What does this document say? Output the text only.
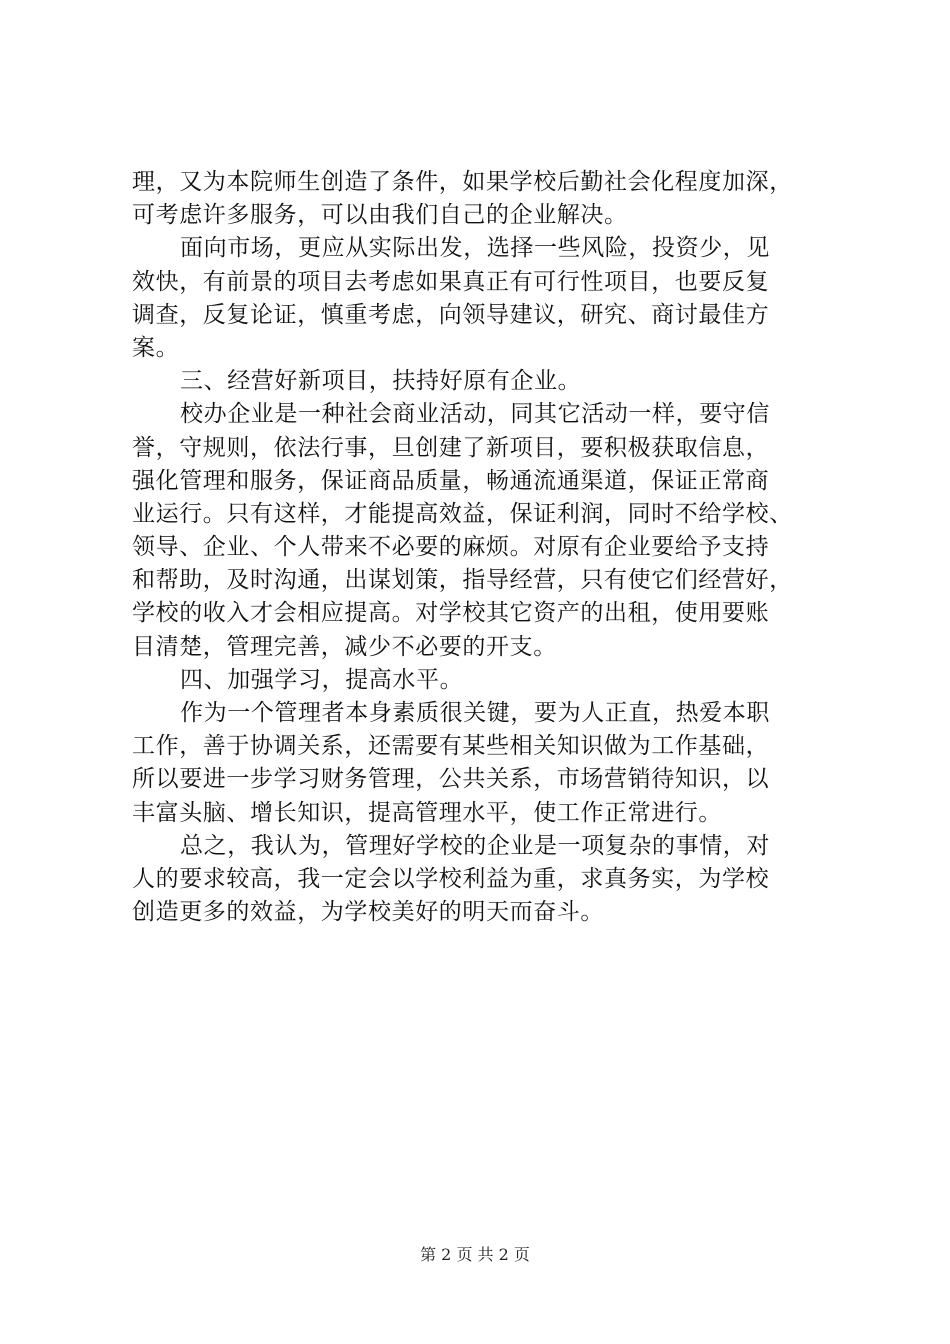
理，又为本院师生创造了条件，如果学校后勤社会化程度加深，
可考虑许多服务，可以由我们自己的企业解决。
面向市场，更应从实际出发，选择一些风险，投资少，见
效快，有前景的项目去考虑如果真正有可行性项目，也要反复
调查，反复论证，慎重考虑，向领导建议，研究、商讨最佳方
案。
三、经营好新项目，扶持好原有企业。
校办企业是一种社会商业活动，同其它活动一样，要守信
誉，守规则，依法行事，旦创建了新项目，要积极获取信息，
强化管理和服务，保证商品质量，畅通流通渠道，保证正常商
业运行。只有这样，才能提高效益，保证利润，同时不给学校、
领导、企业、个人带来不必要的麻烦。对原有企业要给予支持
和帮助，及时沟通，出谋划策，指导经营，只有使它们经营好，
学校的收入才会相应提高。对学校其它资产的出租，使用要账
目清楚，管理完善，减少不必要的开支。
四、加强学习，提高水平。
作为一个管理者本身素质很关键，要为人正直，热爱本职
工作，善于协调关系，还需要有某些相关知识做为工作基础，
所以要进一步学习财务管理，公共关系，市场营销待知识，以
丰富头脑、增长知识，提高管理水平，使工作正常进行。
总之，我认为，管理好学校的企业是一项复杂的事情，对
人的要求较高，我一定会以学校利益为重，求真务实，为学校
创造更多的效益，为学校美好的明天而奋斗。
第 2 页 共 2 页
